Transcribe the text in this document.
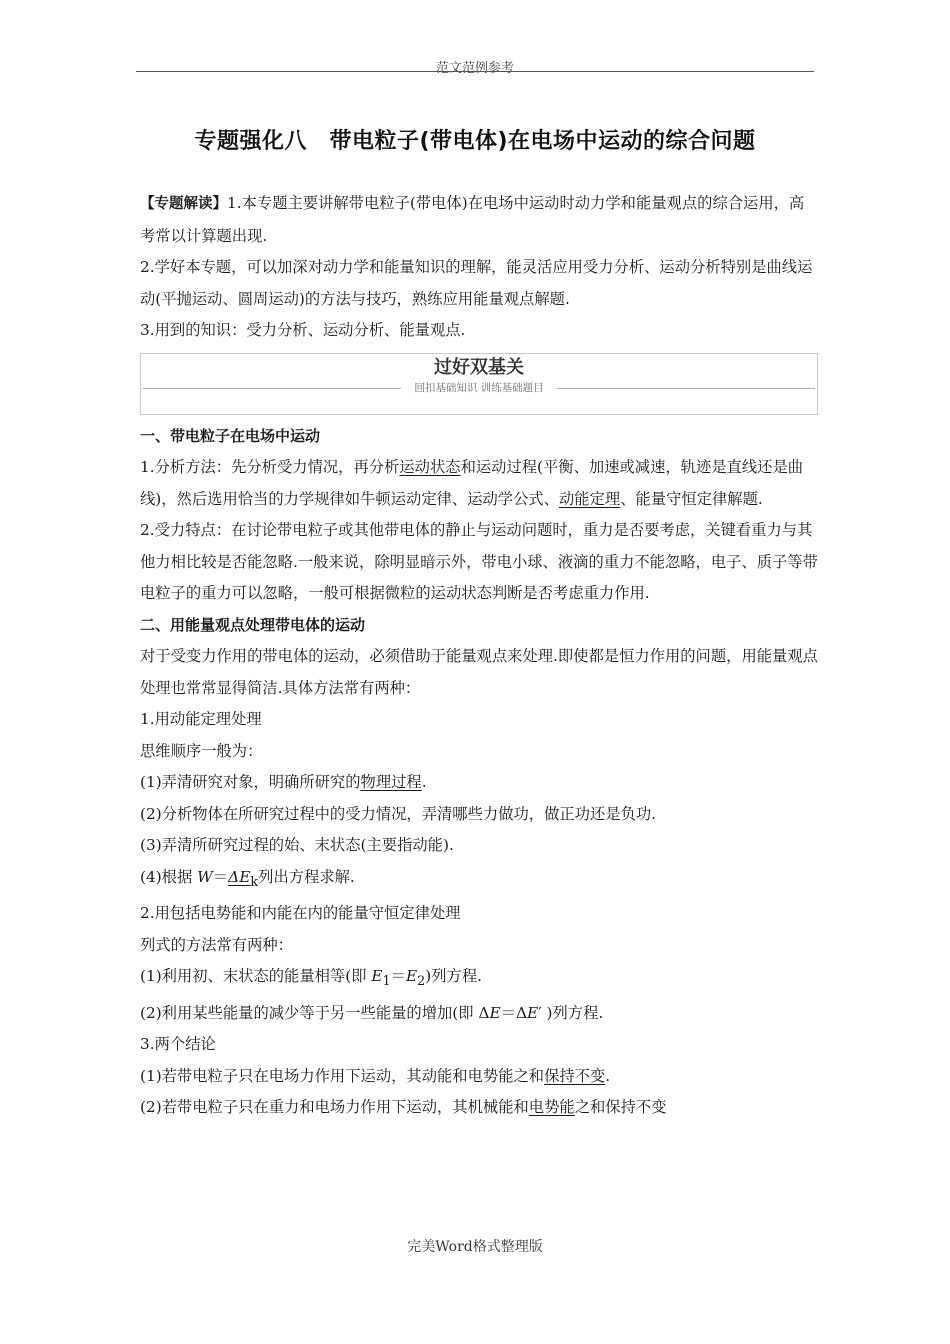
范文范例参考
专题强化八　带电粒子(带电体)在电场中运动的综合问题

【专题解读】1.本专题主要讲解带电粒子(带电体)在电场中运动时动力学和能量观点的综合运用，高考常以计算题出现.

2.学好本专题，可以加深对动力学和能量知识的理解，能灵活应用受力分析、运动分析特别是曲线运动(平抛运动、圆周运动)的方法与技巧，熟练应用能量观点解题.

3.用到的知识：受力分析、运动分析、能量观点.

过好双基关
回扣基础知识 训练基础题目

一、带电粒子在电场中运动

1.分析方法：先分析受力情况，再分析运动状态和运动过程(平衡、加速或减速，轨迹是直线还是曲线)，然后选用恰当的力学规律如牛顿运动定律、运动学公式、动能定理、能量守恒定律解题.

2.受力特点：在讨论带电粒子或其他带电体的静止与运动问题时，重力是否要考虑，关键看重力与其他力相比较是否能忽略.一般来说，除明显暗示外，带电小球、液滴的重力不能忽略，电子、质子等带电粒子的重力可以忽略，一般可根据微粒的运动状态判断是否考虑重力作用.

二、用能量观点处理带电体的运动

对于受变力作用的带电体的运动，必须借助于能量观点来处理.即使都是恒力作用的问题，用能量观点处理也常常显得简洁.具体方法常有两种：

1.用动能定理处理

思维顺序一般为：

(1)弄清研究对象，明确所研究的物理过程.

(2)分析物体在所研究过程中的受力情况，弄清哪些力做功，做正功还是负功.

(3)弄清所研究过程的始、末状态(主要指动能).

(4)根据 $W=\Delta E_k$列出方程求解.

2.用包括电势能和内能在内的能量守恒定律处理

列式的方法常有两种：

(1)利用初、末状态的能量相等(即 $E_1=E_2$)列方程.

(2)利用某些能量的减少等于另一些能量的增加(即 ΔE＝ΔE′ )列方程.

3.两个结论

(1)若带电粒子只在电场力作用下运动，其动能和电势能之和保持不变.

(2)若带电粒子只在重力和电场力作用下运动，其机械能和电势能之和保持不变

完美Word格式整理版
